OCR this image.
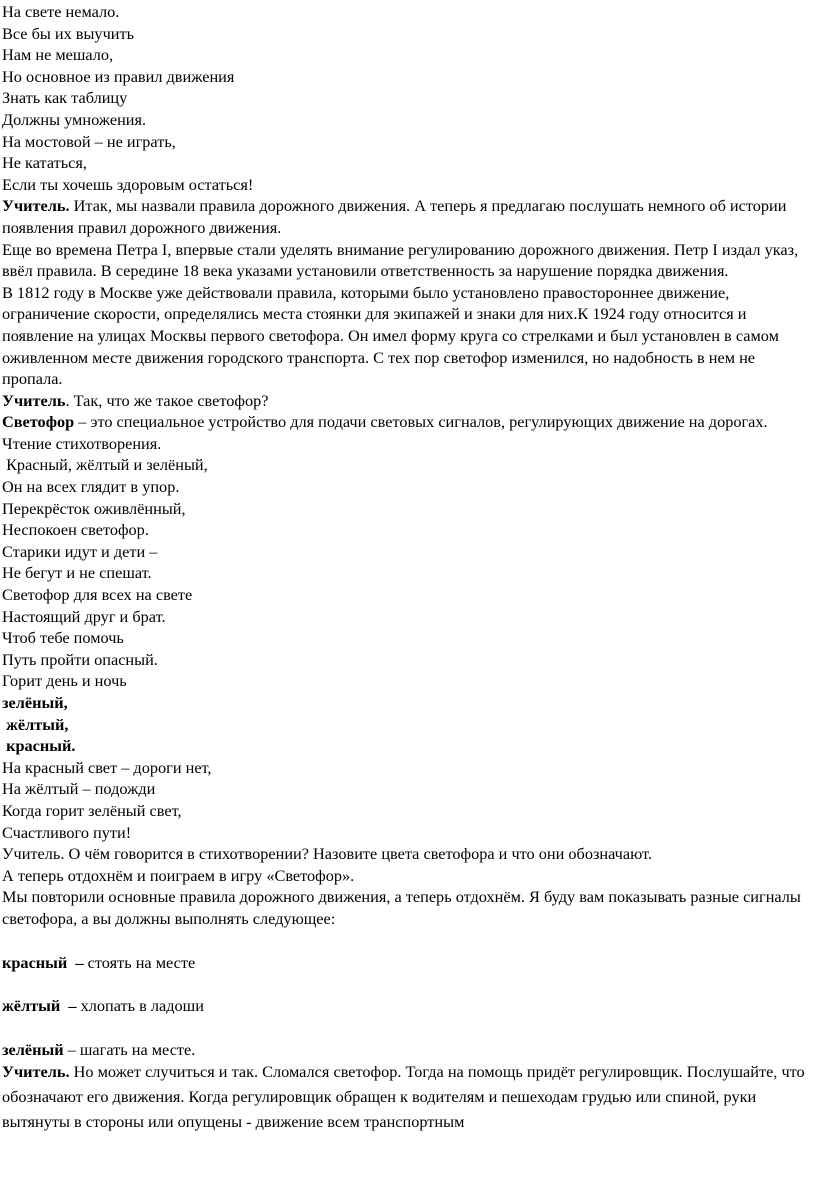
На свете немало.
Все бы их выучить
Нам не мешало,
Но основное из правил движения
Знать как таблицу
Должны умножения.
На мостовой – не играть,
Не кататься,
Если ты хочешь здоровым остаться!

Учитель. Итак, мы назвали правила дорожного движения. А теперь я предлагаю послушать немного об истории появления правил дорожного движения.

Еще во времена Петра I, впервые стали уделять внимание регулированию дорожного движения. Петр I издал указ, ввёл правила. В середине 18 века указами установили ответственность за нарушение порядка движения.

В 1812 году в Москве уже действовали правила, которыми было установлено правостороннее движение, ограничение скорости, определялись места стоянки для экипажей и знаки для них.К 1924 году относится и появление на улицах Москвы первого светофора. Он имел форму круга со стрелками и был установлен в самом оживленном месте движения городского транспорта. С тех пор светофор изменился, но надобность в нем не пропала.

Учитель. Так, что же такое светофор?

Светофор – это специальное устройство для подачи световых сигналов, регулирующих движение на дорогах.

Чтение стихотворения.
Красный, жёлтый и зелёный,
Он на всех глядит в упор.
Перекрёсток оживлённый,
Неспокоен светофор.
Старики идут и дети –
Не бегут и не спешат.
Светофор для всех на свете
Настоящий друг и брат.
Чтоб тебе помочь
Путь пройти опасный.
Горит день и ночь
зелёный,
жёлтый,
красный.
На красный свет – дороги нет,
На жёлтый – подожди
Когда горит зелёный свет,
Счастливого пути!

Учитель. О чём говорится в стихотворении? Назовите цвета светофора и что они обозначают.

А теперь отдохнём и поиграем в игру «Светофор».

Мы повторили основные правила дорожного движения, а теперь отдохнём. Я буду вам показывать разные сигналы светофора, а вы должны выполнять следующее:

красный  – стоять на месте

жёлтый  – хлопать в ладоши

зелёный – шагать на месте.

Учитель. Но может случиться и так. Сломался светофор. Тогда на помощь придёт регулировщик. Послушайте, что обозначают его движения. Когда регулировщик обращен к водителям и пешеходам грудью или спиной, руки вытянуты в стороны или опущены - движение всем транспортным
